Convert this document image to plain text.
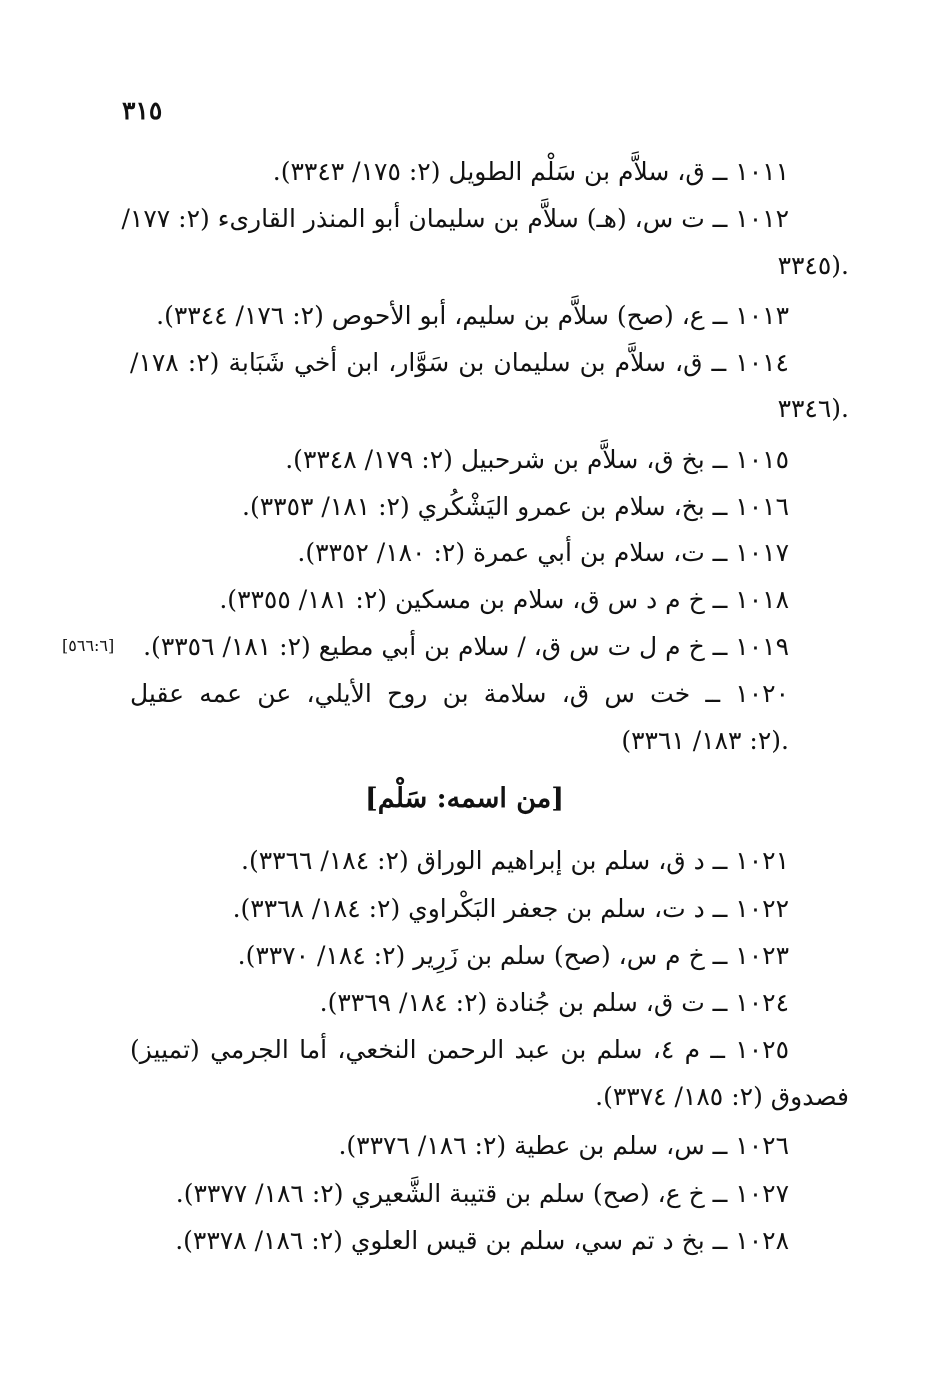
٣١٥
١٠١١ ــ ق، سلاَّم بن سَلْم الطويل (٢: ١٧٥/ ٣٣٤٣).
١٠١٢ ــ ت س، (هـ) سلاَّم بن سليمان أبو المنذر القارىء (٢: ١٧٧/
٣٣٤٥).
١٠١٣ ــ ع، (صح) سلاَّم بن سليم، أبو الأحوص (٢: ١٧٦/ ٣٣٤٤).
١٠١٤ ــ ق، سلاَّم بن سليمان بن سَوَّار، ابن أخي شَبَابة (٢: ١٧٨/
٣٣٤٦).
١٠١٥ ــ بخ ق، سلاَّم بن شرحبيل (٢: ١٧٩/ ٣٣٤٨).
١٠١٦ ــ بخ، سلام بن عمرو اليَشْكُري (٢: ١٨١/ ٣٣٥٣).
١٠١٧ ــ ت، سلام بن أبي عمرة (٢: ١٨٠/ ٣٣٥٢).
١٠١٨ ــ خ م د س ق، سلام بن مسكين (٢: ١٨١/ ٣٣٥٥).
١٠١٩ ــ خ م ل ت س ق، / سلام بن أبي مطيع (٢: ١٨١/ ٣٣٥٦).
[٥٦٦:٦]
١٠٢٠ ــ خت س ق، سلامة بن روح الأيلي، عن عمه عقيل
(٢: ١٨٣/ ٣٣٦١).
[من اسمه: سَلْم]
١٠٢١ ــ د ق، سلم بن إبراهيم الوراق (٢: ١٨٤/ ٣٣٦٦).
١٠٢٢ ــ د ت، سلم بن جعفر البَكْراوي (٢: ١٨٤/ ٣٣٦٨).
١٠٢٣ ــ خ م س، (صح) سلم بن زَرِير (٢: ١٨٤/ ٣٣٧٠).
١٠٢٤ ــ ت ق، سلم بن جُنادة (٢: ١٨٤/ ٣٣٦٩).
١٠٢٥ ــ م ٤، سلم بن عبد الرحمن النخعي، أما الجرمي (تمييز)
فصدوق (٢: ١٨٥/ ٣٣٧٤).
١٠٢٦ ــ س، سلم بن عطية (٢: ١٨٦/ ٣٣٧٦).
١٠٢٧ ــ خ ع، (صح) سلم بن قتيبة الشَّعيري (٢: ١٨٦/ ٣٣٧٧).
١٠٢٨ ــ بخ د تم سي، سلم بن قيس العلوي (٢: ١٨٦/ ٣٣٧٨).
